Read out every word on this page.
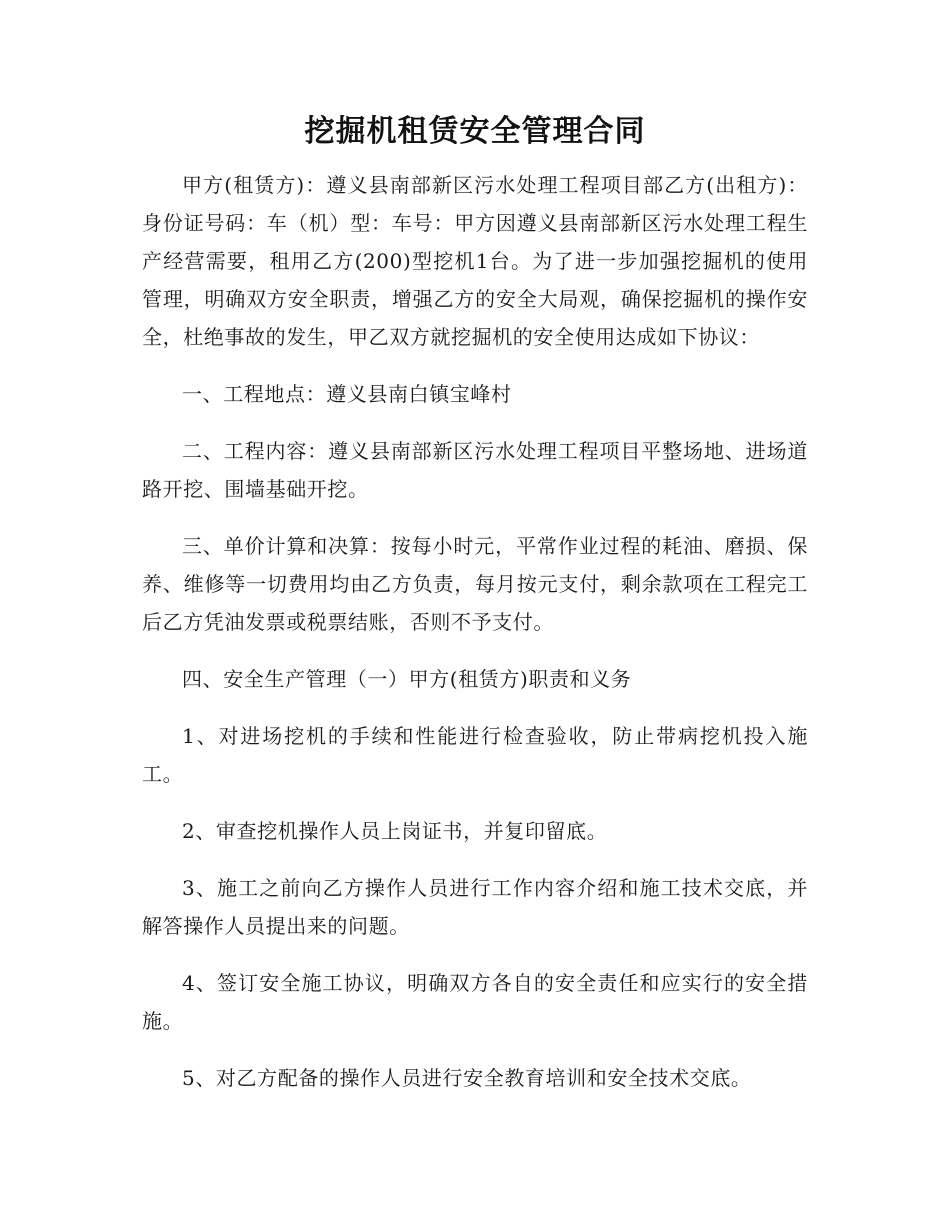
挖掘机租赁安全管理合同

甲方(租赁方)：遵义县南部新区污水处理工程项目部乙方(出租方)：身份证号码：车（机）型：车号：甲方因遵义县南部新区污水处理工程生产经营需要，租用乙方(200)型挖机1台。为了进一步加强挖掘机的使用管理，明确双方安全职责，增强乙方的安全大局观，确保挖掘机的操作安全，杜绝事故的发生，甲乙双方就挖掘机的安全使用达成如下协议：

一、工程地点：遵义县南白镇宝峰村

二、工程内容：遵义县南部新区污水处理工程项目平整场地、进场道路开挖、围墙基础开挖。

三、单价计算和决算：按每小时元，平常作业过程的耗油、磨损、保养、维修等一切费用均由乙方负责，每月按元支付，剩余款项在工程完工后乙方凭油发票或税票结账，否则不予支付。

四、安全生产管理（一）甲方(租赁方)职责和义务

1、对进场挖机的手续和性能进行检查验收，防止带病挖机投入施工。

2、审查挖机操作人员上岗证书，并复印留底。

3、施工之前向乙方操作人员进行工作内容介绍和施工技术交底，并解答操作人员提出来的问题。

4、签订安全施工协议，明确双方各自的安全责任和应实行的安全措施。

5、对乙方配备的操作人员进行安全教育培训和安全技术交底。
